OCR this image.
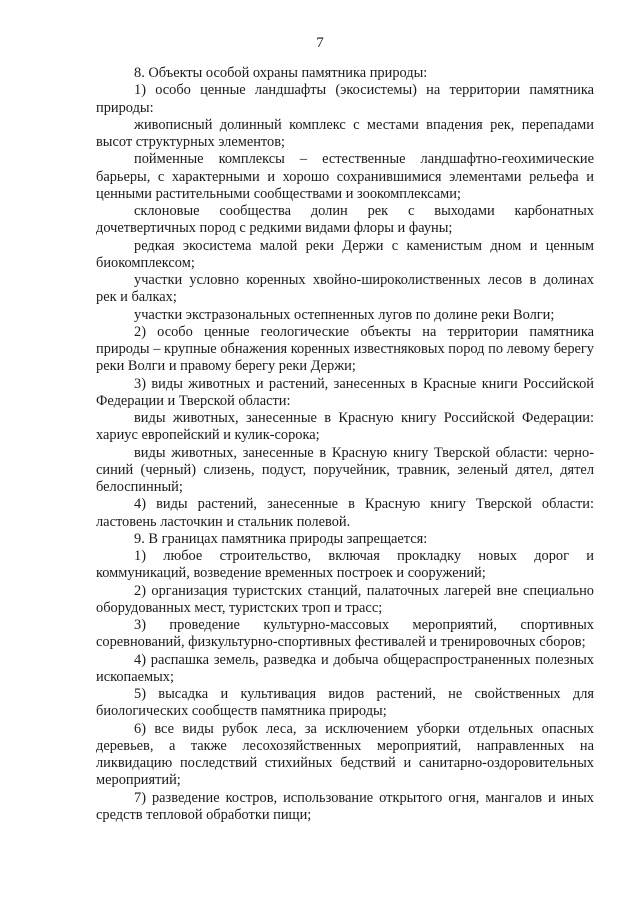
7

8. Объекты особой охраны памятника природы:

1) особо ценные ландшафты (экосистемы) на территории памятника природы:

живописный долинный комплекс с местами впадения рек, перепадами высот структурных элементов;

пойменные комплексы – естественные ландшафтно-геохимические барьеры, с характерными и хорошо сохранившимися элементами рельефа и ценными растительными сообществами и зоокомплексами;

склоновые сообщества долин рек с выходами карбонатных дочетвертичных пород с редкими видами флоры и фауны;

редкая экосистема малой реки Держи с каменистым дном и ценным биокомплексом;

участки условно коренных хвойно-широколиственных лесов в долинах рек и балках;

участки экстразональных остепненных лугов по долине реки Волги;

2) особо ценные геологические объекты на территории памятника природы – крупные обнажения коренных известняковых пород по левому берегу реки Волги и правому берегу реки Держи;

3) виды животных и растений, занесенных в Красные книги Российской Федерации и Тверской области:

виды животных, занесенные в Красную книгу Российской Федерации: хариус европейский и кулик-сорока;

виды животных, занесенные в Красную книгу Тверской области: черно-синий (черный) слизень, подуст, поручейник, травник, зеленый дятел, дятел белоспинный;

4) виды растений, занесенные в Красную книгу Тверской области: ластовень ласточкин и стальник полевой.

9. В границах памятника природы запрещается:

1) любое строительство, включая прокладку новых дорог и коммуникаций, возведение временных построек и сооружений;

2) организация туристских станций, палаточных лагерей вне специально оборудованных мест, туристских троп и трасс;

3) проведение культурно-массовых мероприятий, спортивных соревнований, физкультурно-спортивных фестивалей и тренировочных сборов;

4) распашка земель, разведка и добыча общераспространенных полезных ископаемых;

5) высадка и культивация видов растений, не свойственных для биологических сообществ памятника природы;

6) все виды рубок леса, за исключением уборки отдельных опасных деревьев, а также лесохозяйственных мероприятий, направленных на ликвидацию последствий стихийных бедствий и санитарно-оздоровительных мероприятий;

7) разведение костров, использование открытого огня, мангалов и иных средств тепловой обработки пищи;
